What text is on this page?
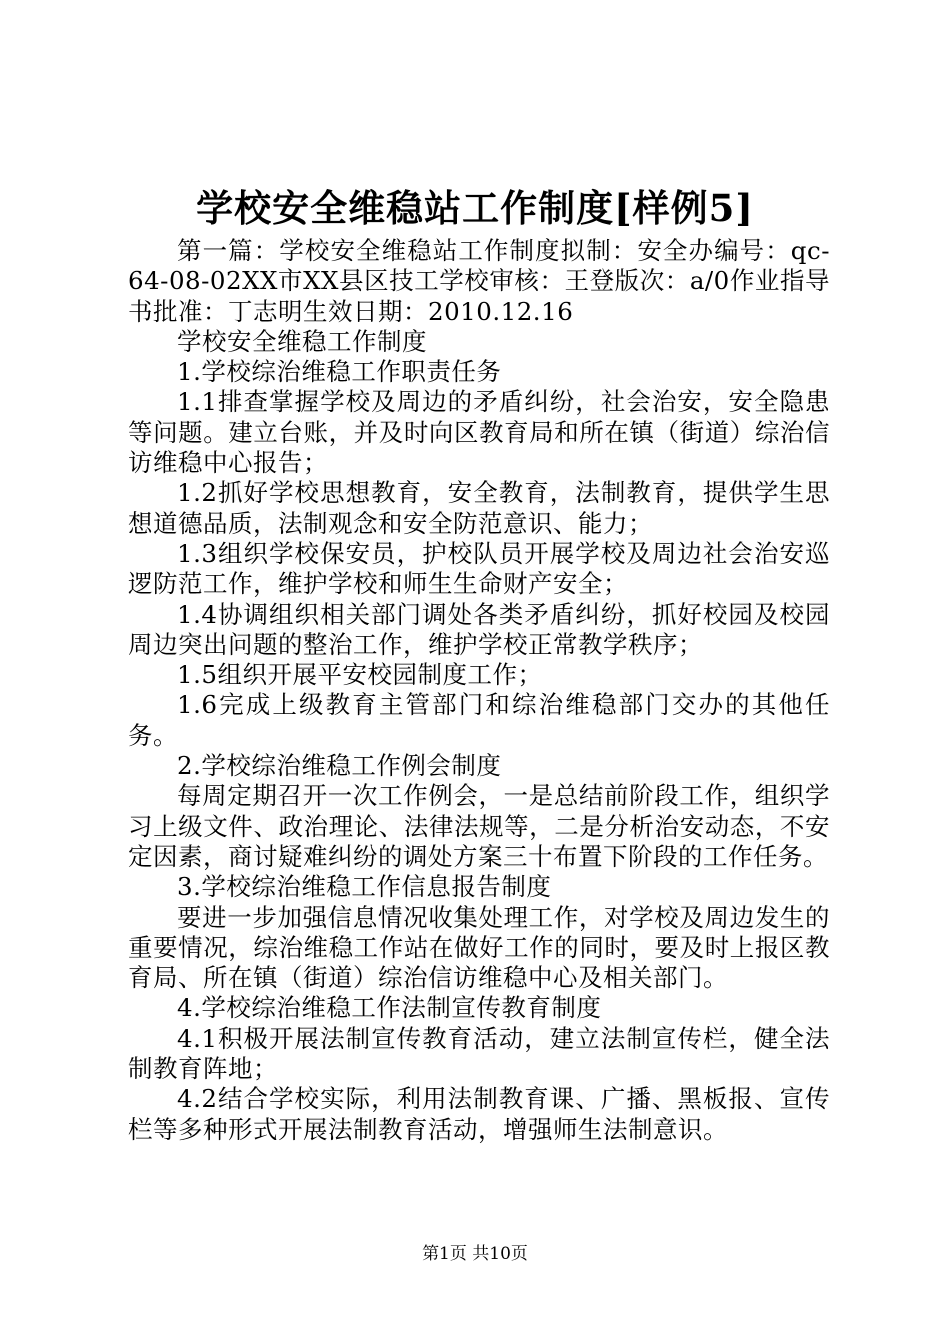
学校安全维稳站工作制度[样例5]

第一篇：学校安全维稳站工作制度拟制：安全办编号：qc-64-08-02XX市XX县区技工学校审核：王登版次：a/0作业指导书批准：丁志明生效日期：2010.12.16

学校安全维稳工作制度

1.学校综治维稳工作职责任务

1.1排查掌握学校及周边的矛盾纠纷，社会治安，安全隐患等问题。建立台账，并及时向区教育局和所在镇（街道）综治信访维稳中心报告；

1.2抓好学校思想教育，安全教育，法制教育，提供学生思想道德品质，法制观念和安全防范意识、能力；

1.3组织学校保安员，护校队员开展学校及周边社会治安巡逻防范工作，维护学校和师生生命财产安全；

1.4协调组织相关部门调处各类矛盾纠纷，抓好校园及校园周边突出问题的整治工作，维护学校正常教学秩序；

1.5组织开展平安校园制度工作；

1.6完成上级教育主管部门和综治维稳部门交办的其他任务。

2.学校综治维稳工作例会制度

每周定期召开一次工作例会，一是总结前阶段工作，组织学习上级文件、政治理论、法律法规等，二是分析治安动态，不安定因素，商讨疑难纠纷的调处方案三十布置下阶段的工作任务。

3.学校综治维稳工作信息报告制度

要进一步加强信息情况收集处理工作，对学校及周边发生的重要情况，综治维稳工作站在做好工作的同时，要及时上报区教育局、所在镇（街道）综治信访维稳中心及相关部门。

4.学校综治维稳工作法制宣传教育制度

4.1积极开展法制宣传教育活动，建立法制宣传栏，健全法制教育阵地；

4.2结合学校实际，利用法制教育课、广播、黑板报、宣传栏等多种形式开展法制教育活动，增强师生法制意识。

第1页 共10页
